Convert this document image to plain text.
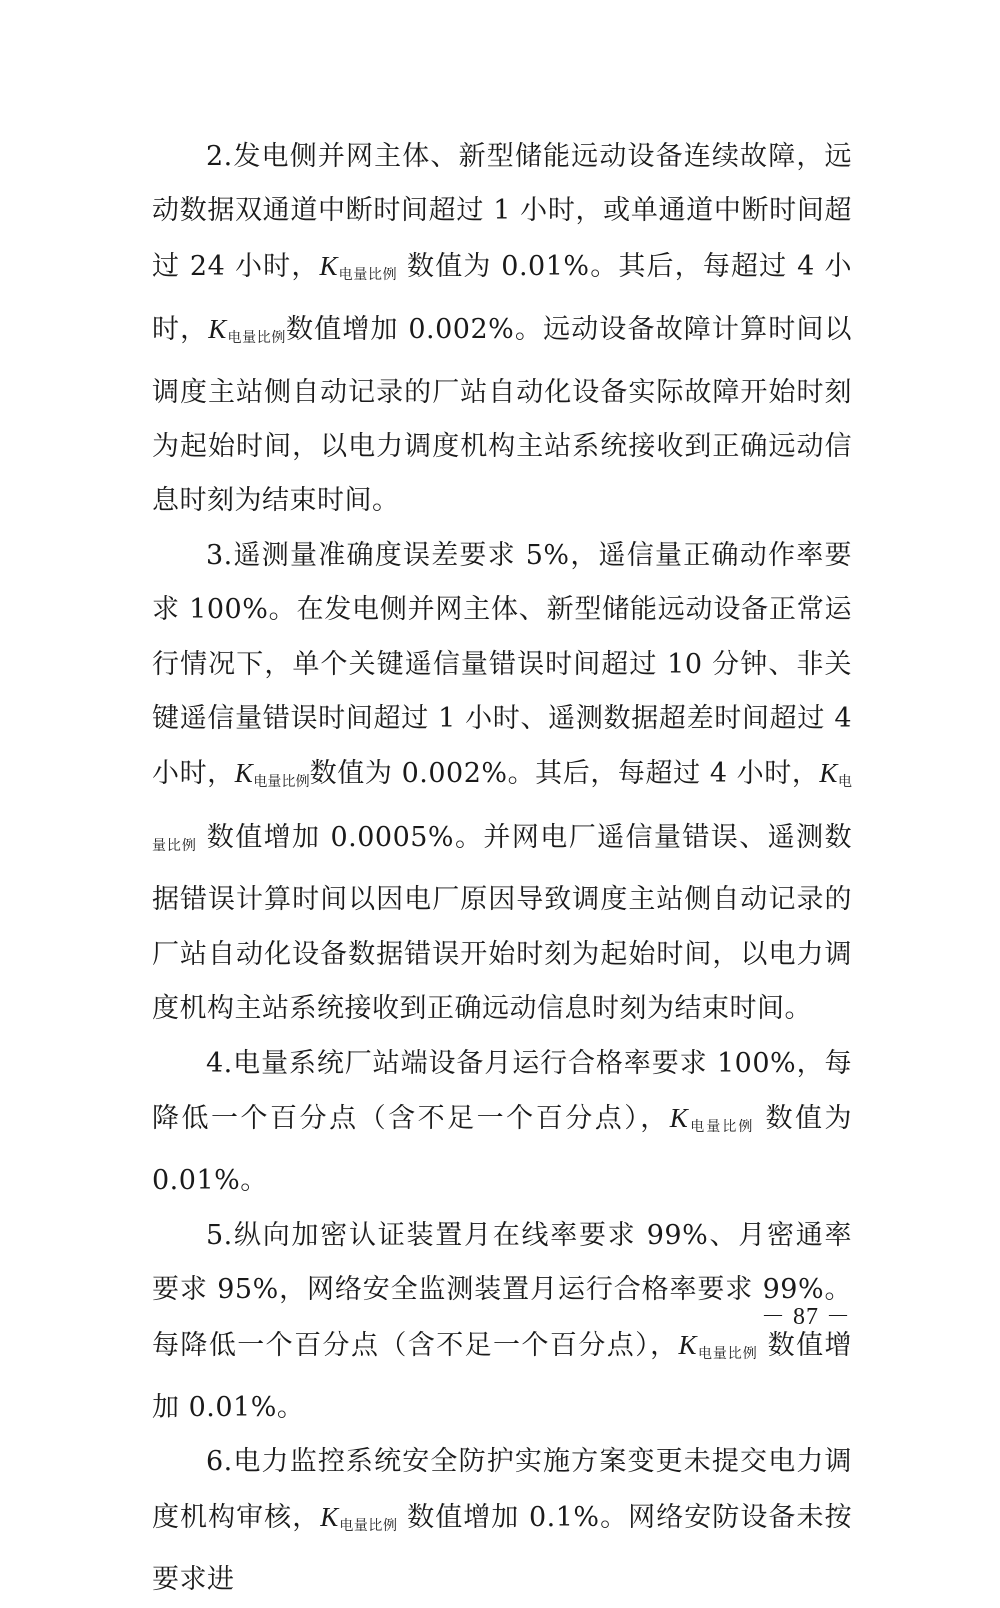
2.发电侧并网主体、新型储能远动设备连续故障，远动数据双通道中断时间超过 1 小时，或单通道中断时间超过 24 小时，$K_{电量比例}$ 数值为 0.01%。其后，每超过 4 小时，$K_{电量比例}$数值增加 0.002%。远动设备故障计算时间以调度主站侧自动记录的厂站自动化设备实际故障开始时刻为起始时间，以电力调度机构主站系统接收到正确远动信息时刻为结束时间。

3.遥测量准确度误差要求 5%，遥信量正确动作率要求 100%。在发电侧并网主体、新型储能远动设备正常运行情况下，单个关键遥信量错误时间超过 10 分钟、非关键遥信量错误时间超过 1 小时、遥测数据超差时间超过 4 小时，$K_{电量比例}$数值为 0.002%。其后，每超过 4 小时，$K_{电量比例}$ 数值增加 0.0005%。并网电厂遥信量错误、遥测数据错误计算时间以因电厂原因导致调度主站侧自动记录的厂站自动化设备数据错误开始时刻为起始时间，以电力调度机构主站系统接收到正确远动信息时刻为结束时间。

4.电量系统厂站端设备月运行合格率要求 100%，每降低一个百分点（含不足一个百分点），$K_{电量比例}$ 数值为 0.01%。

5.纵向加密认证装置月在线率要求 99%、月密通率要求 95%，网络安全监测装置月运行合格率要求 99%。每降低一个百分点（含不足一个百分点），$K_{电量比例}$ 数值增加 0.01%。

6.电力监控系统安全防护实施方案变更未提交电力调度机构审核，$K_{电量比例}$ 数值增加 0.1%。网络安防设备未按要求进

－ 87 －
